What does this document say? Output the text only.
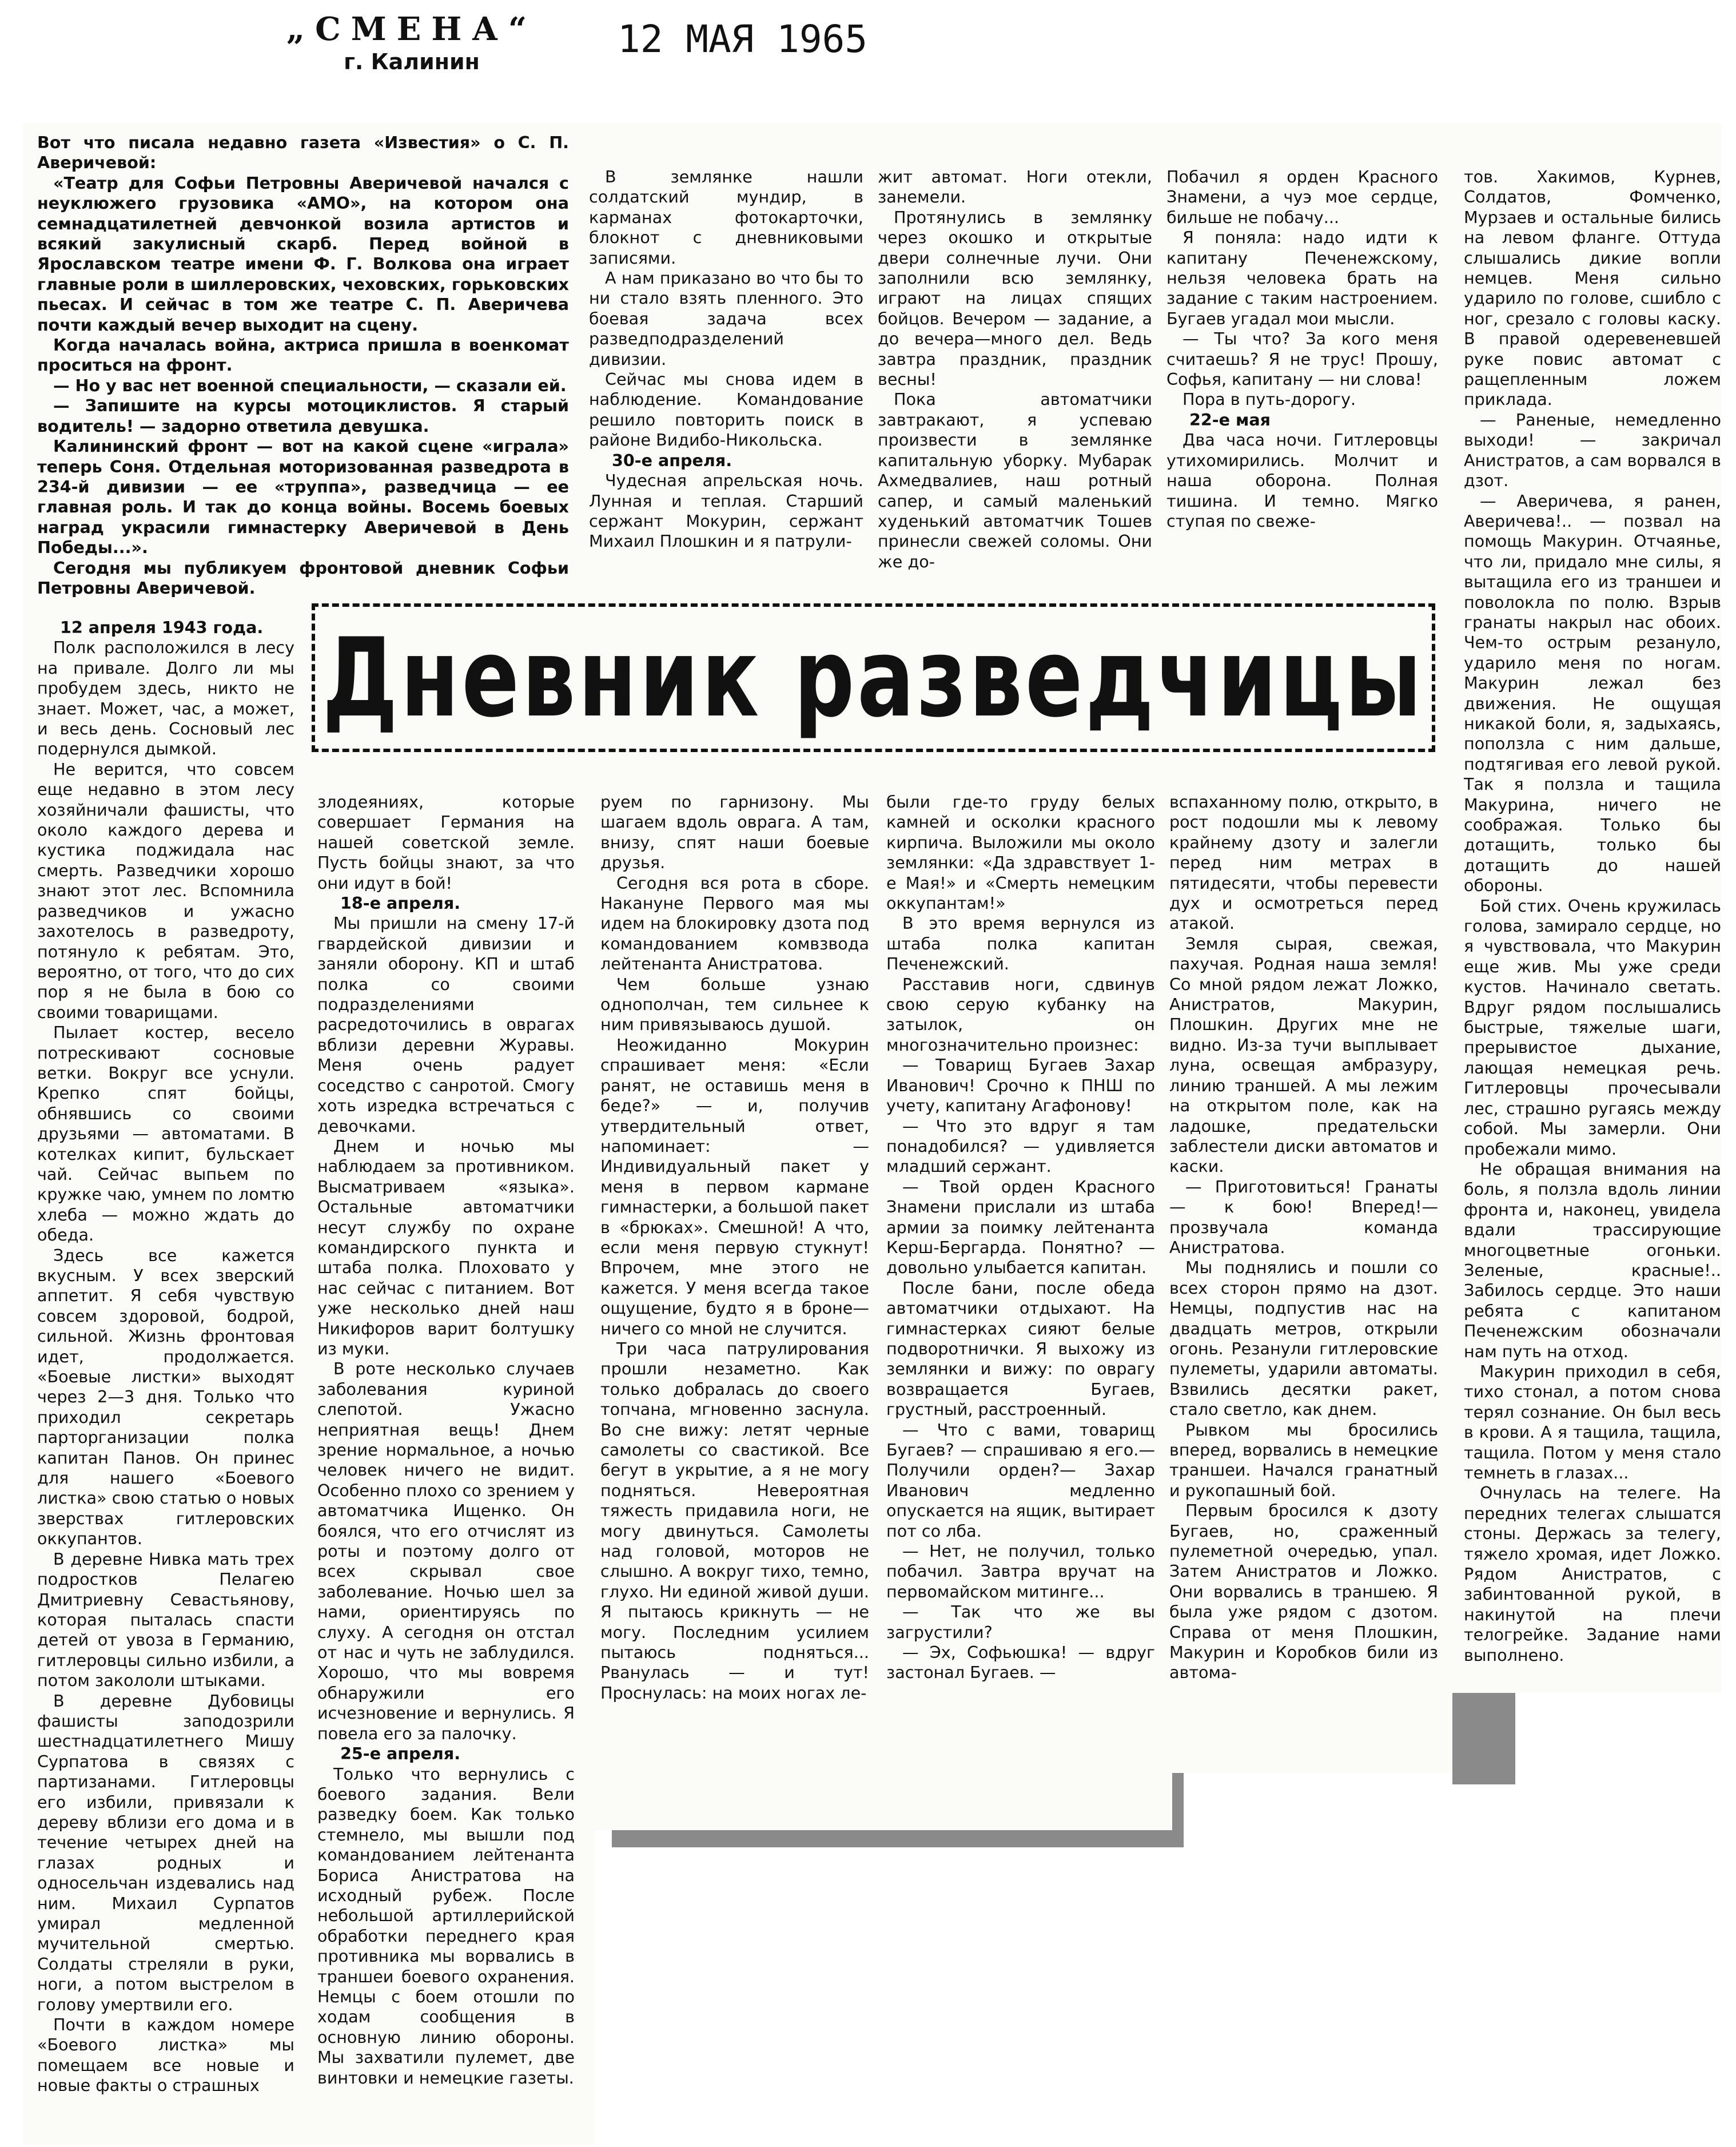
„СМЕНА“
г. Калинин
12 МАЯ 1965

Вот что писала недавно газета «Известия» о С. П. Аверичевой:

«Театр для Софьи Петровны Аверичевой начался с неуклюжего грузовика «АМО», на котором она семнадцатилетней девчонкой возила артистов и всякий закулисный скарб. Перед войной в Ярославском театре имени Ф. Г. Волкова она играет главные роли в шиллеровских, чеховских, горьковских пьесах. И сейчас в том же театре С. П. Аверичева почти каждый вечер выходит на сцену.

Когда началась война, актриса пришла в военкомат проситься на фронт.

— Но у вас нет военной специальности, — сказали ей.

— Запишите на курсы мотоциклистов. Я старый водитель! — задорно ответила девушка.

Калининский фронт — вот на какой сцене «играла» теперь Соня. Отдельная моторизованная разведрота в 234-й дивизии — ее «труппа», разведчица — ее главная роль. И так до конца войны. Восемь боевых наград украсили гимнастерку Аверичевой в День Победы...».

Сегодня мы публикуем фронтовой дневник Софьи Петровны Аверичевой.

В землянке нашли солдатский мундир, в карманах фотокарточки, блокнот с дневниковыми записями.

А нам приказано во что бы то ни стало взять пленного. Это боевая задача всех разведподразделений дивизии.

Сейчас мы снова идем в наблюдение. Командование решило повторить поиск в районе Видибо-Никольска.

30-е апреля.

Чудесная апрельская ночь. Лунная и теплая. Старший сержант Мокурин, сержант Михаил Плошкин и я патрули-

жит автомат. Ноги отекли, занемели.

Протянулись в землянку через окошко и открытые двери солнечные лучи. Они заполнили всю землянку, играют на лицах спящих бойцов. Вечером — задание, а до вечера—много дел. Ведь завтра праздник, праздник весны!

Пока автоматчики завтракают, я успеваю произвести в землянке капитальную уборку. Мубарак Ахмедвалиев, наш ротный сапер, и самый маленький худенький автоматчик Тошев принесли свежей соломы. Они же до-

Побачил я орден Красного Знамени, а чуэ мое сердце, бильше не побачу...

Я поняла: надо идти к капитану Печенежскому, нельзя человека брать на задание с таким настроением. Бугаев угадал мои мысли.

— Ты что? За кого меня считаешь? Я не трус! Прошу, Софья, капитану — ни слова!

Пора в путь-дорогу.

22-е мая

Два часа ночи. Гитлеровцы утихомирились. Молчит и наша оборона. Полная тишина. И темно. Мягко ступая по свеже-

тов. Хакимов, Курнев, Солдатов, Фомченко, Мурзаев и остальные бились на левом фланге. Оттуда слышались дикие вопли немцев. Меня сильно ударило по голове, сшибло с ног, срезало с головы каску. В правой одеревеневшей руке повис автомат с ращепленным ложем приклада.

— Раненые, немедленно выходи! — закричал Анистратов, а сам ворвался в дзот.

— Аверичева, я ранен, Аверичева!.. — позвал на помощь Макурин. Отчаянье, что ли, придало мне силы, я вытащила его из траншеи и поволокла по полю. Взрыв гранаты накрыл нас обоих. Чем-то острым резануло, ударило меня по ногам. Макурин лежал без движения. Не ощущая никакой боли, я, задыхаясь, поползла с ним дальше, подтягивая его левой рукой. Так я ползла и тащила Макурина, ничего не соображая. Только бы дотащить, только бы дотащить до нашей обороны.

Бой стих. Очень кружилась голова, замирало сердце, но я чувствовала, что Макурин еще жив. Мы уже среди кустов. Начинало светать. Вдруг рядом послышались быстрые, тяжелые шаги, прерывистое дыхание, лающая немецкая речь. Гитлеровцы прочесывали лес, страшно ругаясь между собой. Мы замерли. Они пробежали мимо.

Не обращая внимания на боль, я ползла вдоль линии фронта и, наконец, увидела вдали трассирующие многоцветные огоньки. Зеленые, красные!.. Забилось сердце. Это наши ребята с капитаном Печенежским обозначали нам путь на отход.

Макурин приходил в себя, тихо стонал, а потом снова терял сознание. Он был весь в крови. А я тащила, тащила, тащила. Потом у меня стало темнеть в глазах...

Очнулась на телеге. На передних телегах слышатся стоны. Держась за телегу, тяжело хромая, идет Ложко. Рядом Анистратов, с забинтованной рукой, в накинутой на плечи телогрейке. Задание нами выполнено.

Дневник разведчицы

12 апреля 1943 года.

Полк расположился в лесу на привале. Долго ли мы пробудем здесь, никто не знает. Может, час, а может, и весь день. Сосновый лес подернулся дымкой.

Не верится, что совсем еще недавно в этом лесу хозяйничали фашисты, что около каждого дерева и кустика поджидала нас смерть. Разведчики хорошо знают этот лес. Вспомнила разведчиков и ужасно захотелось в разведроту, потянуло к ребятам. Это, вероятно, от того, что до сих пор я не была в бою со своими товарищами.

Пылает костер, весело потрескивают сосновые ветки. Вокруг все уснули. Крепко спят бойцы, обнявшись со своими друзьями — автоматами. В котелках кипит, бульскает чай. Сейчас выпьем по кружке чаю, умнем по ломтю хлеба — можно ждать до обеда.

Здесь все кажется вкусным. У всех зверский аппетит. Я себя чувствую совсем здоровой, бодрой, сильной. Жизнь фронтовая идет, продолжается. «Боевые листки» выходят через 2—3 дня. Только что приходил секретарь парторганизации полка капитан Панов. Он принес для нашего «Боевого листка» свою статью о новых зверствах гитлеровских оккупантов.

В деревне Нивка мать трех подростков Пелагею Дмитриевну Севастьянову, которая пыталась спасти детей от увоза в Германию, гитлеровцы сильно избили, а потом закололи штыками.

В деревне Дубовицы фашисты заподозрили шестнадцатилетнего Мишу Сурпатова в связях с партизанами. Гитлеровцы его избили, привязали к дереву вблизи его дома и в течение четырех дней на глазах родных и односельчан издевались над ним. Михаил Сурпатов умирал медленной мучительной смертью. Солдаты стреляли в руки, ноги, а потом выстрелом в голову умертвили его.

Почти в каждом номере «Боевого листка» мы помещаем все новые и новые факты о страшных

злодеяниях, которые совершает Германия на нашей советской земле. Пусть бойцы знают, за что они идут в бой!

18-е апреля.

Мы пришли на смену 17-й гвардейской дивизии и заняли оборону. КП и штаб полка со своими подразделениями расредоточились в оврагах вблизи деревни Журавы. Меня очень радует соседство с санротой. Смогу хоть изредка встречаться с девочками.

Днем и ночью мы наблюдаем за противником. Высматриваем «языка». Остальные автоматчики несут службу по охране командирского пункта и штаба полка. Плоховато у нас сейчас с питанием. Вот уже несколько дней наш Никифоров варит болтушку из муки.

В роте несколько случаев заболевания куриной слепотой. Ужасно неприятная вещь! Днем зрение нормальное, а ночью человек ничего не видит. Особенно плохо со зрением у автоматчика Ищенко. Он боялся, что его отчислят из роты и поэтому долго от всех скрывал свое заболевание. Ночью шел за нами, ориентируясь по слуху. А сегодня он отстал от нас и чуть не заблудился. Хорошо, что мы вовремя обнаружили его исчезновение и вернулись. Я повела его за палочку.

25-е апреля.

Только что вернулись с боевого задания. Вели разведку боем. Как только стемнело, мы вышли под командованием лейтенанта Бориса Анистратова на исходный рубеж. После небольшой артиллерийской обработки переднего края противника мы ворвались в траншеи боевого охранения. Немцы с боем отошли по ходам сообщения в основную линию обороны. Мы захватили пулемет, две винтовки и немецкие газеты.

руем по гарнизону. Мы шагаем вдоль оврага. А там, внизу, спят наши боевые друзья.

Сегодня вся рота в сборе. Накануне Первого мая мы идем на блокировку дзота под командованием комвзвода лейтенанта Анистратова.

Чем больше узнаю однополчан, тем сильнее к ним привязываюсь душой.

Неожиданно Мокурин спрашивает меня: «Если ранят, не оставишь меня в беде?» — и, получив утвердительный ответ, напоминает: — Индивидуальный пакет у меня в первом кармане гимнастерки, а большой пакет в «брюках». Смешной! А что, если меня первую стукнут! Впрочем, мне этого не кажется. У меня всегда такое ощущение, будто я в броне—ничего со мной не случится.

Три часа патрулирования прошли незаметно. Как только добралась до своего топчана, мгновенно заснула. Во сне вижу: летят черные самолеты со свастикой. Все бегут в укрытие, а я не могу подняться. Невероятная тяжесть придавила ноги, не могу двинуться. Самолеты над головой, моторов не слышно. А вокруг тихо, темно, глухо. Ни единой живой души. Я пытаюсь крикнуть — не могу. Последним усилием пытаюсь подняться... Рванулась — и тут! Проснулась: на моих ногах ле-

были где-то груду белых камней и осколки красного кирпича. Выложили мы около землянки: «Да здравствует 1-е Мая!» и «Смерть немецким оккупантам!»

В это время вернулся из штаба полка капитан Печенежский.

Расставив ноги, сдвинув свою серую кубанку на затылок, он многозначительно произнес:

— Товарищ Бугаев Захар Иванович! Срочно к ПНШ по учету, капитану Агафонову!

— Что это вдруг я там понадобился? — удивляется младший сержант.

— Твой орден Красного Знамени прислали из штаба армии за поимку лейтенанта Керш-Бергарда. Понятно? — довольно улыбается капитан.

После бани, после обеда автоматчики отдыхают. На гимнастерках сияют белые подворотнички. Я выхожу из землянки и вижу: по оврагу возвращается Бугаев, грустный, расстроенный.

— Что с вами, товарищ Бугаев? — спрашиваю я его.—Получили орден?— Захар Иванович медленно опускается на ящик, вытирает пот со лба.

— Нет, не получил, только побачил. Завтра вручат на первомайском митинге...

— Так что же вы загрустили?

— Эх, Софьюшка! — вдруг застонал Бугаев. —

вспаханному полю, открыто, в рост подошли мы к левому крайнему дзоту и залегли перед ним метрах в пятидесяти, чтобы перевести дух и осмотреться перед атакой.

Земля сырая, свежая, пахучая. Родная наша земля! Со мной рядом лежат Ложко, Анистратов, Макурин, Плошкин. Других мне не видно. Из-за тучи выплывает луна, освещая амбразуру, линию траншей. А мы лежим на открытом поле, как на ладошке, предательски заблестели диски автоматов и каски.

— Приготовиться! Гранаты — к бою! Вперед!— прозвучала команда Анистратова.

Мы поднялись и пошли со всех сторон прямо на дзот. Немцы, подпустив нас на двадцать метров, открыли огонь. Резанули гитлеровские пулеметы, ударили автоматы. Взвились десятки ракет, стало светло, как днем.

Рывком мы бросились вперед, ворвались в немецкие траншеи. Начался гранатный и рукопашный бой.

Первым бросился к дзоту Бугаев, но, сраженный пулеметной очередью, упал. Затем Анистратов и Ложко. Они ворвались в траншею. Я была уже рядом с дзотом. Справа от меня Плошкин, Макурин и Коробков били из автома-
